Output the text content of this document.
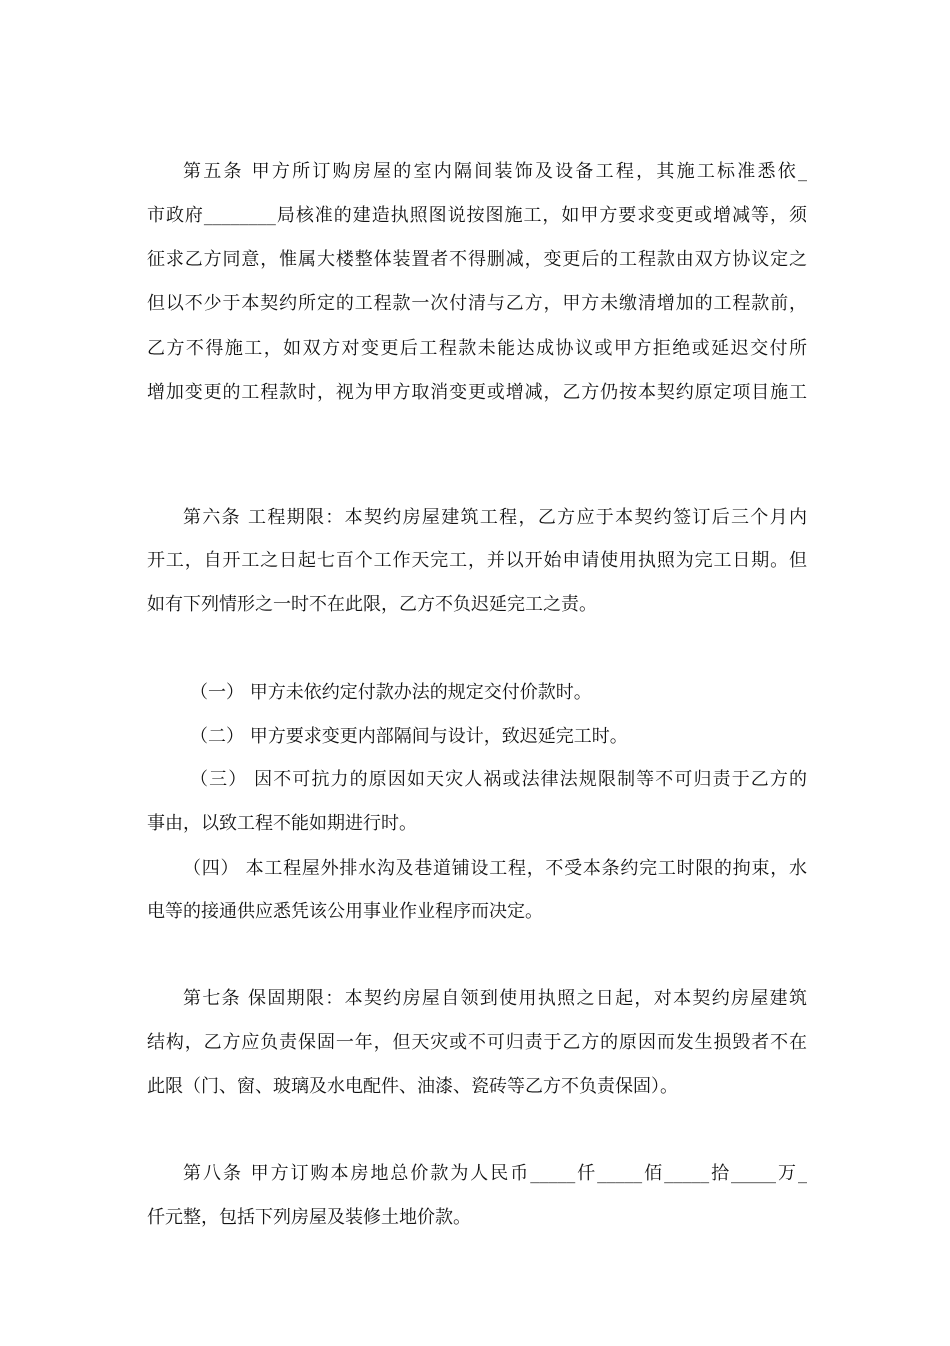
第五条 甲方所订购房屋的室内隔间装饰及设备工程，其施工标准悉依_
市政府________局核准的建造执照图说按图施工，如甲方要求变更或增减等，须
征求乙方同意，惟属大楼整体装置者不得删减，变更后的工程款由双方协议定之
但以不少于本契约所定的工程款一次付清与乙方，甲方未缴清增加的工程款前，
乙方不得施工，如双方对变更后工程款未能达成协议或甲方拒绝或延迟交付所
增加变更的工程款时，视为甲方取消变更或增减，乙方仍按本契约原定项目施工
第六条 工程期限：本契约房屋建筑工程，乙方应于本契约签订后三个月内
开工，自开工之日起七百个工作天完工，并以开始申请使用执照为完工日期。但
如有下列情形之一时不在此限，乙方不负迟延完工之责。
（一） 甲方未依约定付款办法的规定交付价款时。
（二） 甲方要求变更内部隔间与设计，致迟延完工时。
（三） 因不可抗力的原因如天灾人祸或法律法规限制等不可归责于乙方的
事由，以致工程不能如期进行时。
（四） 本工程屋外排水沟及巷道铺设工程，不受本条约完工时限的拘束，水
电等的接通供应悉凭该公用事业作业程序而决定。
第七条 保固期限：本契约房屋自领到使用执照之日起，对本契约房屋建筑
结构，乙方应负责保固一年，但天灾或不可归责于乙方的原因而发生损毁者不在
此限（门、窗、玻璃及水电配件、油漆、瓷砖等乙方不负责保固）。
第八条 甲方订购本房地总价款为人民币_____仟_____佰_____拾_____万_
仟元整，包括下列房屋及装修土地价款。
